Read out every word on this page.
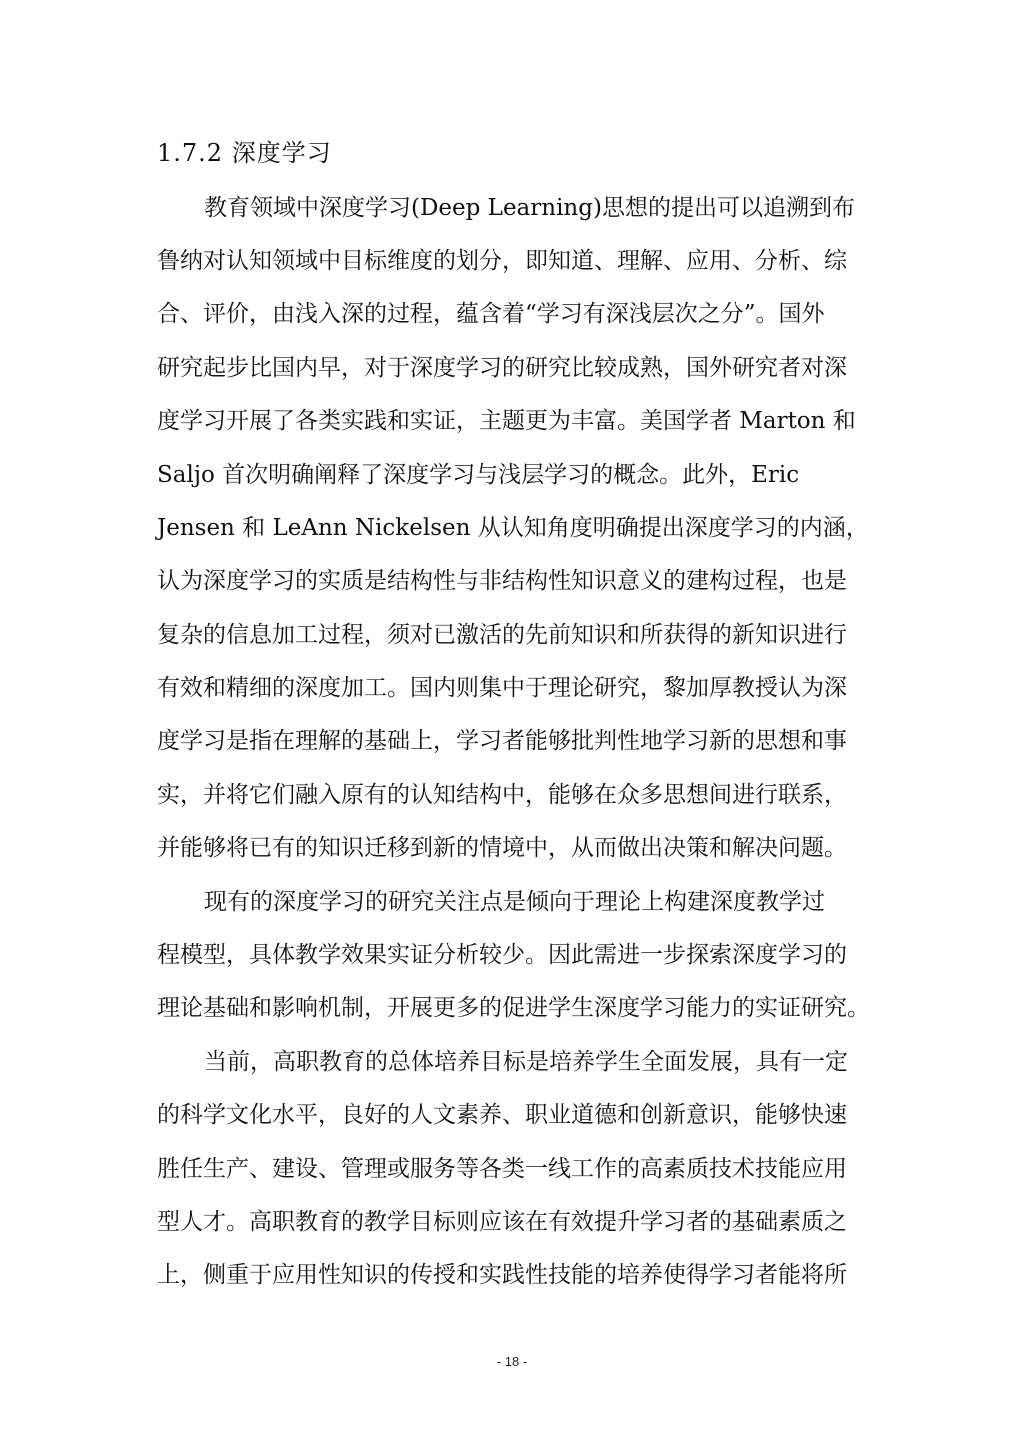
1.7.2 深度学习
教育领域中深度学习(Deep Learning)思想的提出可以追溯到布
鲁纳对认知领域中目标维度的划分，即知道、理解、应用、分析、综
合、评价，由浅入深的过程，蕴含着“学习有深浅层次之分”。国外
研究起步比国内早，对于深度学习的研究比较成熟，国外研究者对深
度学习开展了各类实践和实证，主题更为丰富。美国学者 Marton 和
Saljo 首次明确阐释了深度学习与浅层学习的概念。此外，Eric
Jensen 和 LeAnn Nickelsen 从认知角度明确提出深度学习的内涵，
认为深度学习的实质是结构性与非结构性知识意义的建构过程，也是
复杂的信息加工过程，须对已激活的先前知识和所获得的新知识进行
有效和精细的深度加工。国内则集中于理论研究，黎加厚教授认为深
度学习是指在理解的基础上，学习者能够批判性地学习新的思想和事
实，并将它们融入原有的认知结构中，能够在众多思想间进行联系，
并能够将已有的知识迁移到新的情境中，从而做出决策和解决问题。
现有的深度学习的研究关注点是倾向于理论上构建深度教学过
程模型，具体教学效果实证分析较少。因此需进一步探索深度学习的
理论基础和影响机制，开展更多的促进学生深度学习能力的实证研究。
当前，高职教育的总体培养目标是培养学生全面发展，具有一定
的科学文化水平，良好的人文素养、职业道德和创新意识，能够快速
胜任生产、建设、管理或服务等各类一线工作的高素质技术技能应用
型人才。高职教育的教学目标则应该在有效提升学习者的基础素质之
上，侧重于应用性知识的传授和实践性技能的培养使得学习者能将所
- 18 -
